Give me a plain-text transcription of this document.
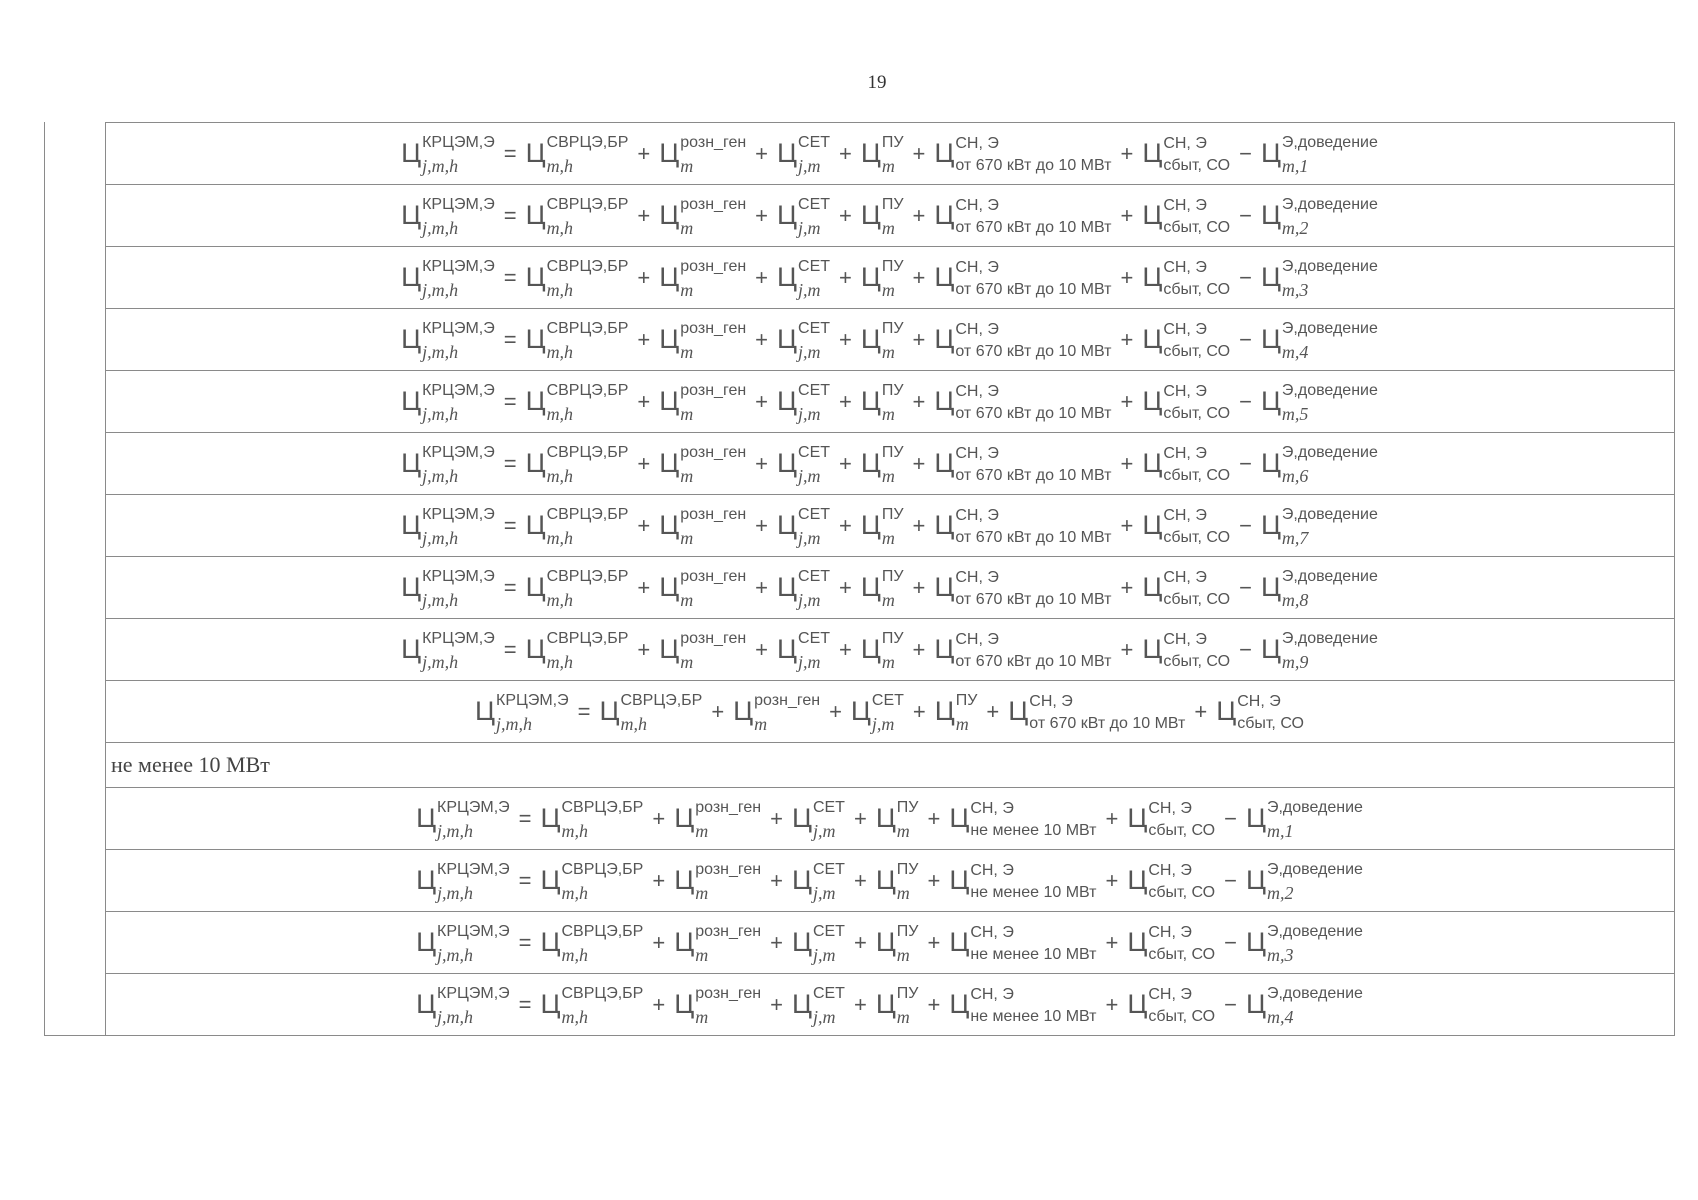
19
Ц КРЦЭМ,Э
j,m,h	= Ц СВРЦЭ,БР
m,h	+ Ц розн_ген
m	+ Ц СЕТ
j,m + Ц ПУ
m + Ц СН, Э
от 670 кВт до 10 МВт + Ц СН, Э
сбыт, СО − Ц Э,доведение
m,1
Ц КРЦЭМ,Э
j,m,h	= Ц СВРЦЭ,БР
m,h	+ Ц розн_ген
m	+ Ц СЕТ
j,m + Ц ПУ
m + Ц СН, Э
от 670 кВт до 10 МВт + Ц СН, Э
сбыт, СО − Ц Э,доведение
m,2
Ц КРЦЭМ,Э
j,m,h	= Ц СВРЦЭ,БР
m,h	+ Ц розн_ген
m	+ Ц СЕТ
j,m + Ц ПУ
m + Ц СН, Э
от 670 кВт до 10 МВт + Ц СН, Э
сбыт, СО − Ц Э,доведение
m,3
Ц КРЦЭМ,Э
j,m,h	= Ц СВРЦЭ,БР
m,h	+ Ц розн_ген
m	+ Ц СЕТ
j,m + Ц ПУ
m + Ц СН, Э
от 670 кВт до 10 МВт + Ц СН, Э
сбыт, СО − Ц Э,доведение
m,4
Ц КРЦЭМ,Э
j,m,h	= Ц СВРЦЭ,БР
m,h	+ Ц розн_ген
m	+ Ц СЕТ
j,m + Ц ПУ
m + Ц СН, Э
от 670 кВт до 10 МВт + Ц СН, Э
сбыт, СО − Ц Э,доведение
m,5
Ц КРЦЭМ,Э
j,m,h	= Ц СВРЦЭ,БР
m,h	+ Ц розн_ген
m	+ Ц СЕТ
j,m + Ц ПУ
m + Ц СН, Э
от 670 кВт до 10 МВт + Ц СН, Э
сбыт, СО − Ц Э,доведение
m,6
Ц КРЦЭМ,Э
j,m,h	= Ц СВРЦЭ,БР
m,h	+ Ц розн_ген
m	+ Ц СЕТ
j,m + Ц ПУ
m + Ц СН, Э
от 670 кВт до 10 МВт + Ц СН, Э
сбыт, СО − Ц Э,доведение
m,7
Ц КРЦЭМ,Э
j,m,h	= Ц СВРЦЭ,БР
m,h	+ Ц розн_ген
m	+ Ц СЕТ
j,m + Ц ПУ
m + Ц СН, Э
от 670 кВт до 10 МВт + Ц СН, Э
сбыт, СО − Ц Э,доведение
m,8
Ц КРЦЭМ,Э
j,m,h	= Ц СВРЦЭ,БР
m,h	+ Ц розн_ген
m	+ Ц СЕТ
j,m + Ц ПУ
m + Ц СН, Э
от 670 кВт до 10 МВт + Ц СН, Э
сбыт, СО − Ц Э,доведение
m,9
Ц КРЦЭМ,Э
j,m,h	= Ц СВРЦЭ,БР
m,h	+ Ц розн_ген
m	+ Ц СЕТ
j,m + Ц ПУ
m + Ц СН, Э
от 670 кВт до 10 МВт + Ц СН, Э
сбыт, СО
не менее 10 МВт
Ц КРЦЭМ,Э
j,m,h	= Ц СВРЦЭ,БР
m,h	+ Ц розн_ген
m	+ Ц СЕТ
j,m + Ц ПУ
m + Ц СН, Э
не менее 10 МВт + Ц СН, Э
сбыт, СО − Ц Э,доведение
m,1
Ц КРЦЭМ,Э
j,m,h	= Ц СВРЦЭ,БР
m,h	+ Ц розн_ген
m	+ Ц СЕТ
j,m + Ц ПУ
m + Ц СН, Э
не менее 10 МВт + Ц СН, Э
сбыт, СО − Ц Э,доведение
m,2
Ц КРЦЭМ,Э
j,m,h	= Ц СВРЦЭ,БР
m,h	+ Ц розн_ген
m	+ Ц СЕТ
j,m + Ц ПУ
m + Ц СН, Э
не менее 10 МВт + Ц СН, Э
сбыт, СО − Ц Э,доведение
m,3
Ц КРЦЭМ,Э
j,m,h	= Ц СВРЦЭ,БР
m,h	+ Ц розн_ген
m	+ Ц СЕТ
j,m + Ц ПУ
m + Ц СН, Э
не менее 10 МВт + Ц СН, Э
сбыт, СО − Ц Э,доведение
m,4
